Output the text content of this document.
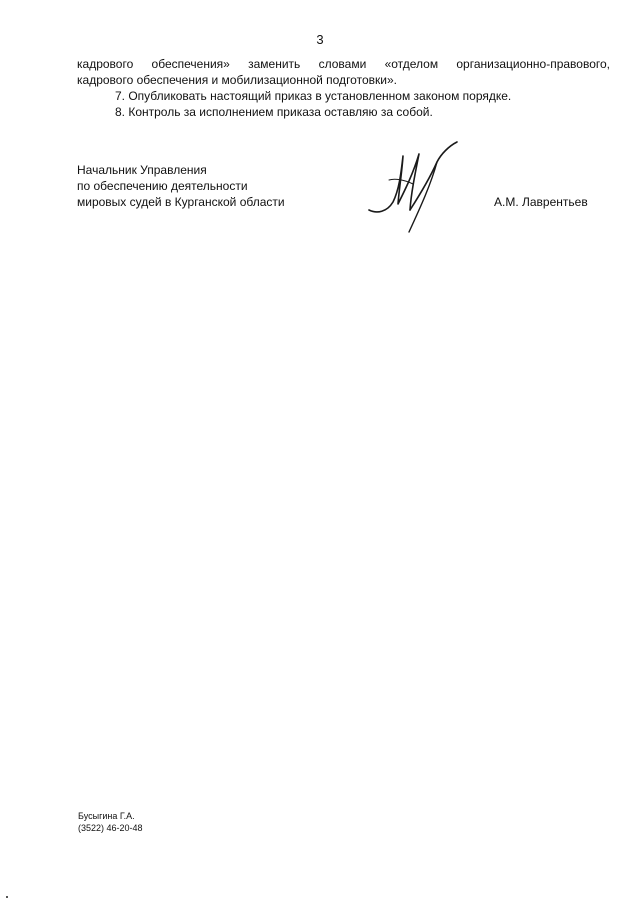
3

кадрового обеспечения» заменить словами «отделом организационно-правового,

кадрового обеспечения и мобилизационной подготовки».

7. Опубликовать настоящий приказ в установленном законом порядке.

8. Контроль за исполнением приказа оставляю за собой.

Начальник Управления
по обеспечению деятельности
мировых судей в Курганской области	А.М. Лаврентьев
Бусыгина Г.А.
(3522) 46-20-48
